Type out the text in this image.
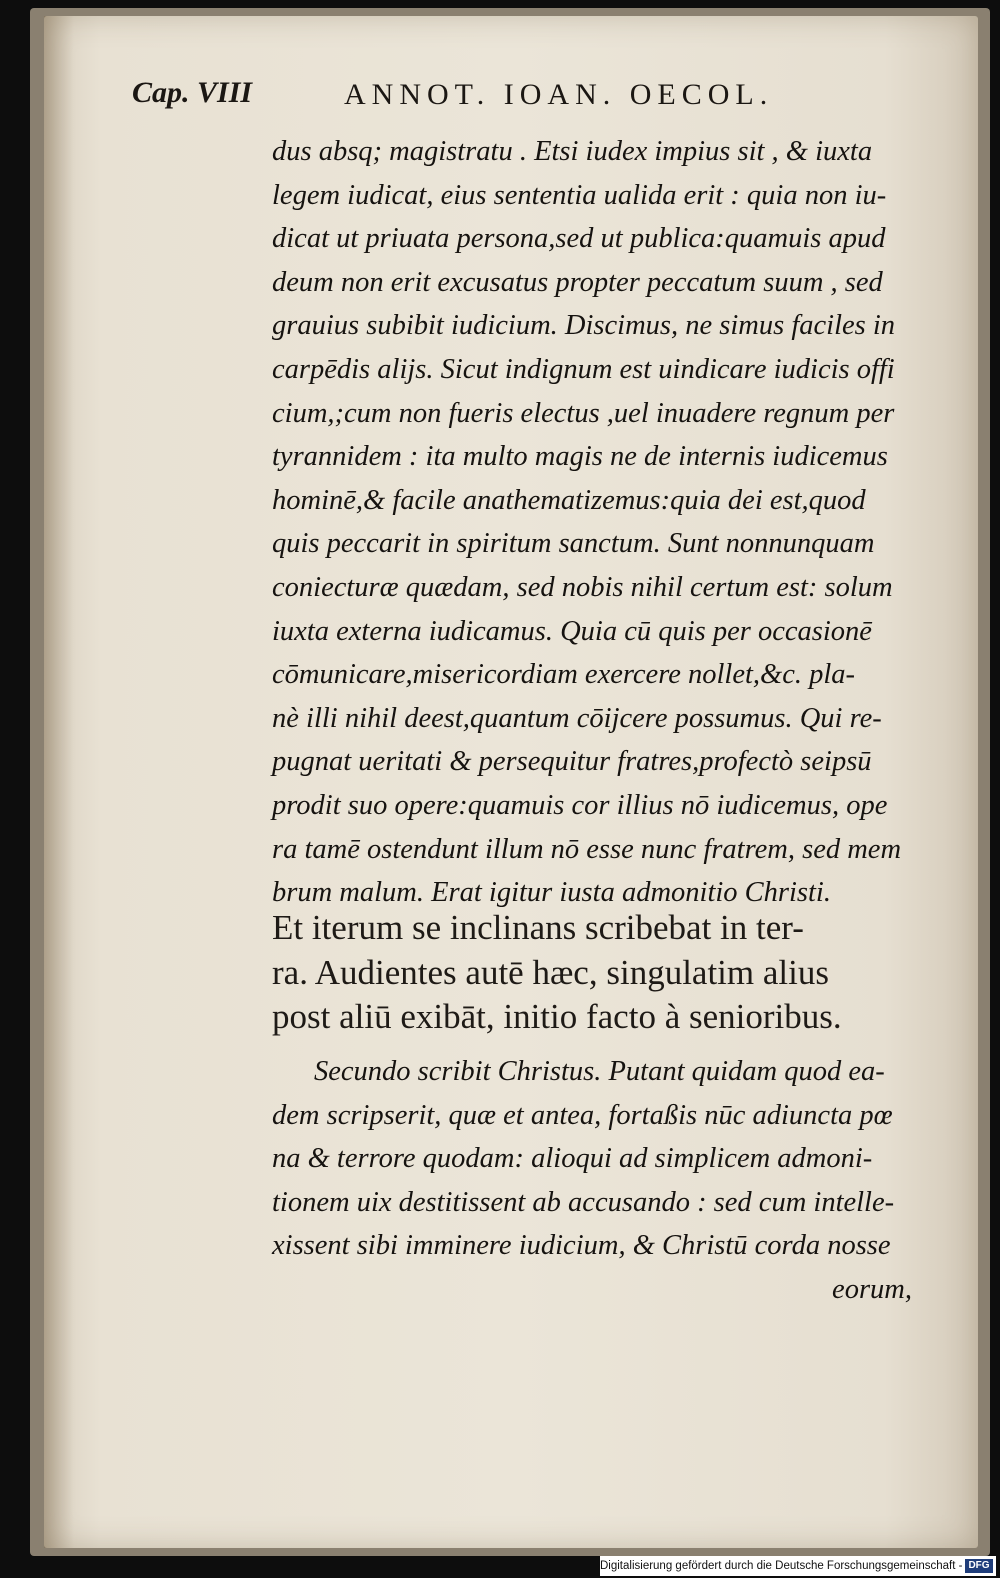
Cap. VIII	ANNOT. IOAN. OECOL.
dus absq; magistratu . Etsi iudex impius sit , & iuxta
legem iudicat, eius sententia ualida erit : quia non iu-
dicat ut priuata persona,sed ut publica:quamuis apud
deum non erit excusatus propter peccatum suum , sed
grauius subibit iudicium. Discimus, ne simus faciles in
carpēdis alijs. Sicut indignum est uindicare iudicis offi
cium,;cum non fueris electus ,uel inuadere regnum per
tyrannidem : ita multo magis ne de internis iudicemus
hominē,& facile anathematizemus:quia dei est,quod
quis peccarit in spiritum sanctum. Sunt nonnunquam
coniecturæ quædam, sed nobis nihil certum est: solum
iuxta externa iudicamus. Quia cū quis per occasionē
cōmunicare,misericordiam exercere nollet,&c. pla-
nè illi nihil deest,quantum cōijcere possumus. Qui re-
pugnat ueritati & persequitur fratres,profectò seipsū
prodit suo opere:quamuis cor illius nō iudicemus, ope
ra tamē ostendunt illum nō esse nunc fratrem, sed mem
brum malum. Erat igitur iusta admonitio Christi.
Et iterum se inclinans scribebat in ter-
ra. Audientes autē hæc, singulatim alius
post aliū exibāt, initio facto à senioribus.
Secundo scribit Christus. Putant quidam quod ea-
dem scripserit, quæ et antea, fortaßis nūc adiuncta pœ
na & terrore quodam: alioqui ad simplicem admoni-
tionem uix destitissent ab accusando : sed cum intelle-
xissent sibi imminere iudicium, & Christū corda nosse
eorum,
Digitalisierung gefördert durch die Deutsche Forschungsgemeinschaft - DFG
